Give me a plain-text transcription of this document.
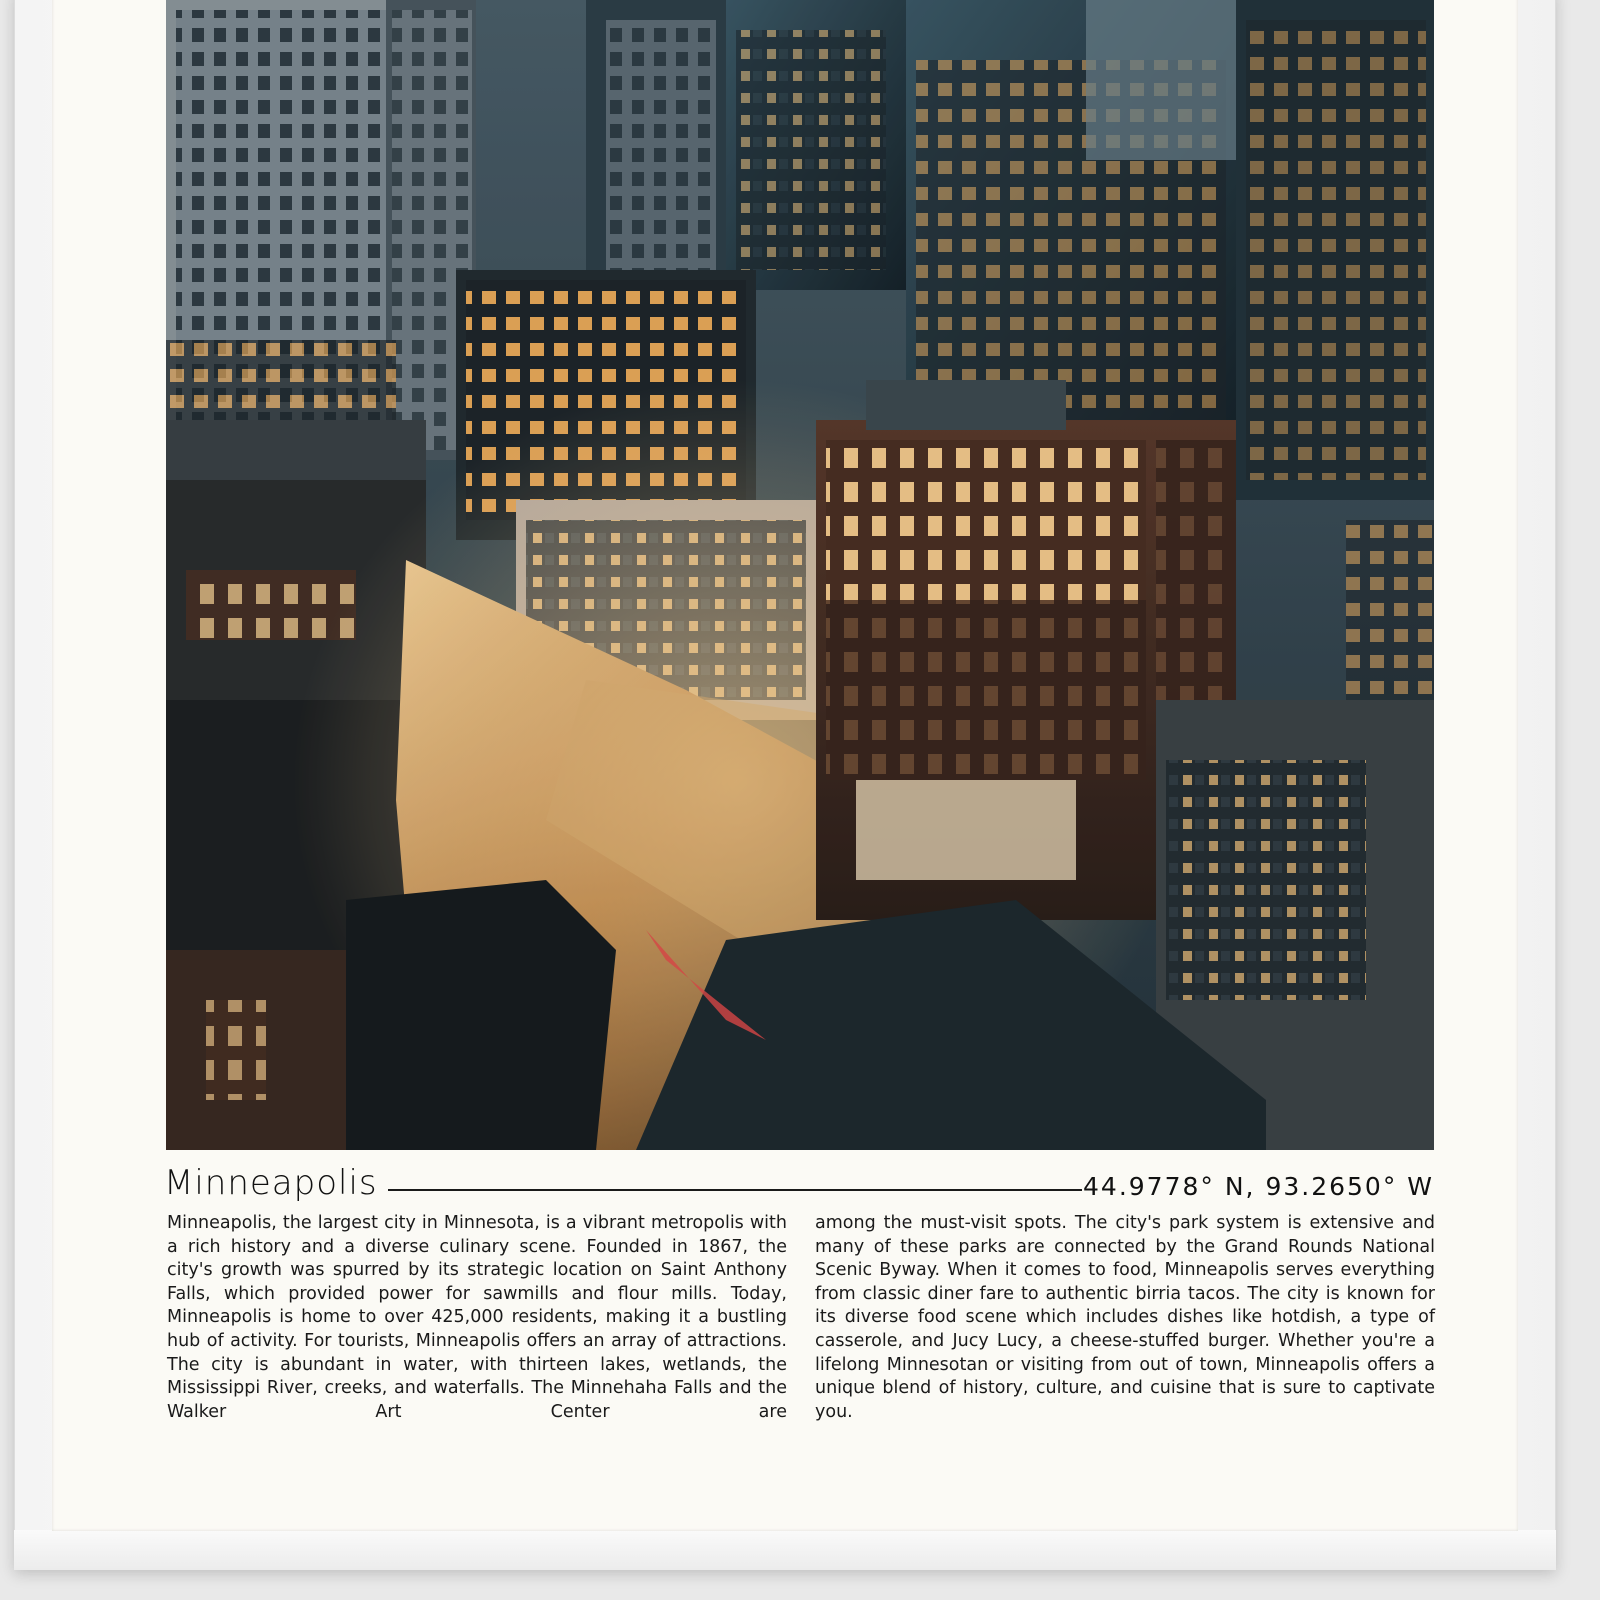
Minneapolis	44.9778° N, 93.2650° W

Minneapolis, the largest city in Minnesota, is a vibrant metropolis with a rich history and a diverse culinary scene. Founded in 1867, the city's growth was spurred by its strategic location on Saint Anthony Falls, which provided power for sawmills and flour mills. Today, Minneapolis is home to over 425,000 residents, making it a bustling hub of activity. For tourists, Minneapolis offers an array of attractions. The city is abundant in water, with thirteen lakes, wetlands, the Mississippi River, creeks, and waterfalls. The Minnehaha Falls and the Walker Art Center are

among the must-visit spots. The city's park system is extensive and many of these parks are connected by the Grand Rounds National Scenic Byway. When it comes to food, Minneapolis serves everything from classic diner fare to authentic birria tacos. The city is known for its diverse food scene which includes dishes like hotdish, a type of casserole, and Jucy Lucy, a cheese-stuffed burger. Whether you're a lifelong Minnesotan or visiting from out of town, Minneapolis offers a unique blend of history, culture, and cuisine that is sure to captivate you.
